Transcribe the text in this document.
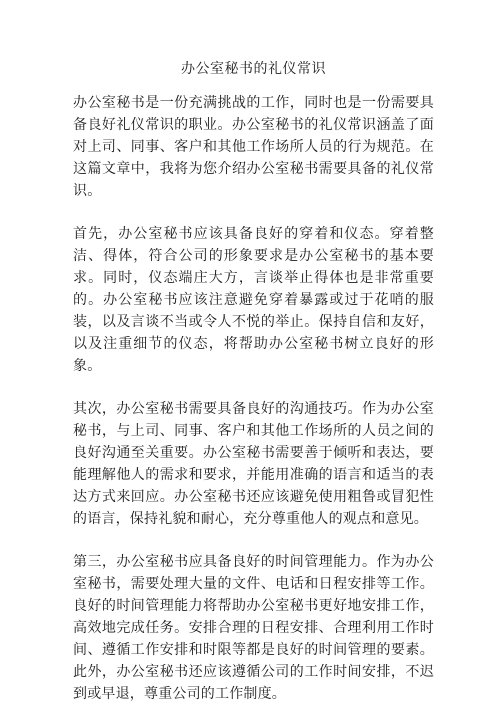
办公室秘书的礼仪常识

办公室秘书是一份充满挑战的工作，同时也是一份需要具备良好礼仪常识的职业。办公室秘书的礼仪常识涵盖了面对上司、同事、客户和其他工作场所人员的行为规范。在这篇文章中，我将为您介绍办公室秘书需要具备的礼仪常识。

首先，办公室秘书应该具备良好的穿着和仪态。穿着整洁、得体，符合公司的形象要求是办公室秘书的基本要求。同时，仪态端庄大方，言谈举止得体也是非常重要的。办公室秘书应该注意避免穿着暴露或过于花哨的服装，以及言谈不当或令人不悦的举止。保持自信和友好，以及注重细节的仪态，将帮助办公室秘书树立良好的形象。

其次，办公室秘书需要具备良好的沟通技巧。作为办公室秘书，与上司、同事、客户和其他工作场所的人员之间的良好沟通至关重要。办公室秘书需要善于倾听和表达，要能理解他人的需求和要求，并能用准确的语言和适当的表达方式来回应。办公室秘书还应该避免使用粗鲁或冒犯性的语言，保持礼貌和耐心，充分尊重他人的观点和意见。

第三，办公室秘书应具备良好的时间管理能力。作为办公室秘书，需要处理大量的文件、电话和日程安排等工作。良好的时间管理能力将帮助办公室秘书更好地安排工作，高效地完成任务。安排合理的日程安排、合理利用工作时间、遵循工作安排和时限等都是良好的时间管理的要素。此外，办公室秘书还应该遵循公司的工作时间安排，不迟到或早退，尊重公司的工作制度。
